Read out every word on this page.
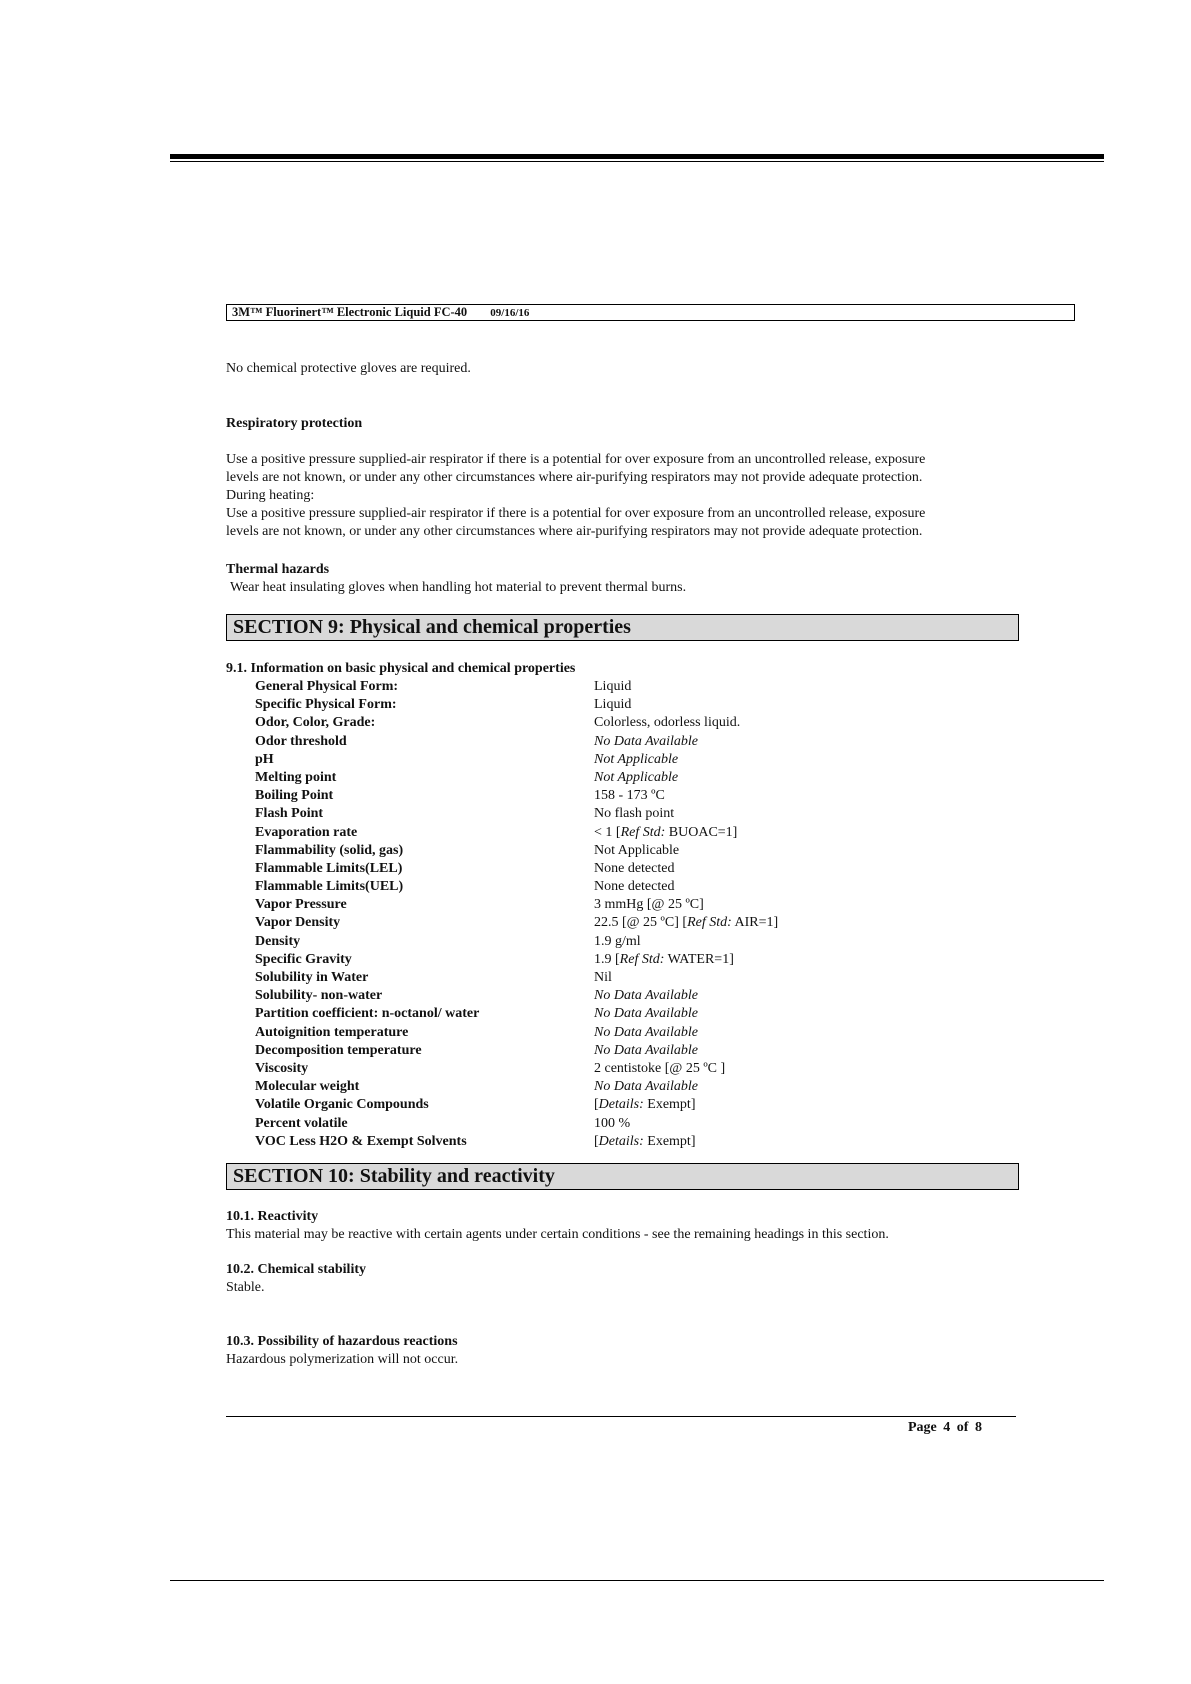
3M™ Fluorinert™ Electronic Liquid FC-40 09/16/16
No chemical protective gloves are required.
Respiratory protection
Use a positive pressure supplied-air respirator if there is a potential for over exposure from an uncontrolled release, exposure
levels are not known, or under any other circumstances where air-purifying respirators may not provide adequate protection.
During heating:
Use a positive pressure supplied-air respirator if there is a potential for over exposure from an uncontrolled release, exposure
levels are not known, or under any other circumstances where air-purifying respirators may not provide adequate protection.
Thermal hazards
Wear heat insulating gloves when handling hot material to prevent thermal burns.
SECTION 9: Physical and chemical properties
9.1. Information on basic physical and chemical properties
General Physical Form:	Liquid
Specific Physical Form:	Liquid
Odor, Color, Grade:	Colorless, odorless liquid.
Odor threshold	No Data Available
pH	Not Applicable
Melting point	Not Applicable
Boiling Point	158 - 173 ºC
Flash Point	No flash point
Evaporation rate	< 1 [Ref Std: BUOAC=1]
Flammability (solid, gas)	Not Applicable
Flammable Limits(LEL)	None detected
Flammable Limits(UEL)	None detected
Vapor Pressure	3 mmHg [@ 25 ºC]
Vapor Density	22.5 [@ 25 ºC] [Ref Std: AIR=1]
Density	1.9 g/ml
Specific Gravity	1.9 [Ref Std: WATER=1]
Solubility in Water	Nil
Solubility- non-water	No Data Available
Partition coefficient: n-octanol/ water	No Data Available
Autoignition temperature	No Data Available
Decomposition temperature	No Data Available
Viscosity	2 centistoke [@ 25 ºC ]
Molecular weight	No Data Available
Volatile Organic Compounds	[Details: Exempt]
Percent volatile	100 %
VOC Less H2O & Exempt Solvents	[Details: Exempt]
SECTION 10: Stability and reactivity
10.1. Reactivity
This material may be reactive with certain agents under certain conditions - see the remaining headings in this section.
10.2. Chemical stability
Stable.
10.3. Possibility of hazardous reactions
Hazardous polymerization will not occur.
Page 4 of 8
